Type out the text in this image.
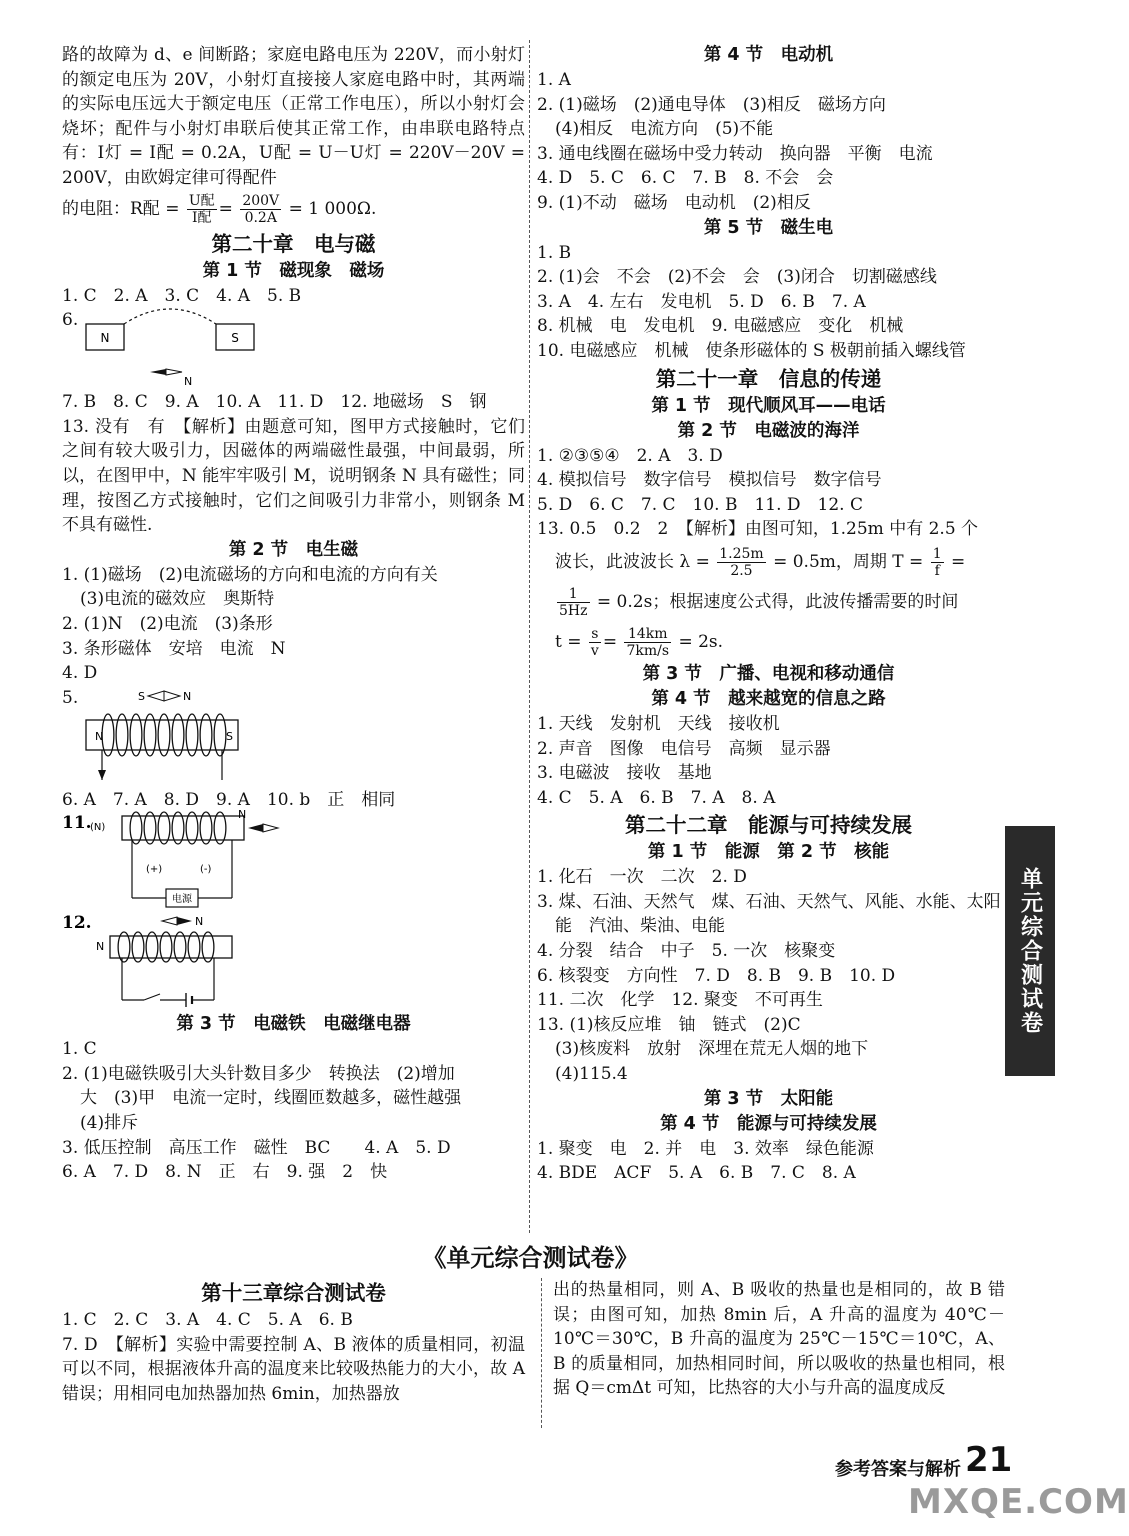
路的故障为 d、e 间断路；家庭电路电压为 220V，而小射灯的额定电压为 20V，小射灯直接接人家庭电路中时，其两端的实际电压远大于额定电压（正常工作电压），所以小射灯会烧坏；配件与小射灯串联后使其正常工作，由串联电路特点有：I灯 = I配 = 0.2A，U配 = U－U灯 = 220V－20V = 200V，由欧姆定律可得配件
的电阻：R配 = $\frac{\text{U配}}{\text{I配}} = \frac{200V}{0.2A} = 1$ 000Ω.
第二十章　电与磁
第 1 节　磁现象　磁场
1. C　2. A　3. C　4. A　5. B
6.
N	S
N
7. B　8. C　9. A　10. A　11. D　12. 地磁场　S　钢
13. 没有　有　【解析】由题意可知，图甲方式接触时，它们之间有较大吸引力，因磁体的两端磁性最强，中间最弱，所以，在图甲中，N 能牢牢吸引 M，说明钢条 N 具有磁性；同理，按图乙方式接触时，它们之间吸引力非常小，则钢条 M 不具有磁性.
第 2 节　电生磁
1. (1)磁场　(2)电流磁场的方向和电流的方向有关
(3)电流的磁效应　奥斯特
2. (1)N　(2)电流　(3)条形
3. 条形磁体　安培　电流　N
4. D
5.	S	N
N	S
6. A　7. A　8. D　9. A　10. b　正　相同
11.
(N)
N
(+)	(-)
电源
12.	N
N
第 3 节　电磁铁　电磁继电器
1. C
2. (1)电磁铁吸引大头针数目多少　转换法　(2)增加
大　(3)甲　电流一定时，线圈匝数越多，磁性越强
(4)排斥
3. 低压控制　高压工作　磁性　BC　　4. A　5. D
6. A　7. D　8. N　正　右　9. 强　2　快
第 4 节　电动机
1. A
2. (1)磁场　(2)通电导体　(3)相反　磁场方向
(4)相反　电流方向　(5)不能
3. 通电线圈在磁场中受力转动　换向器　平衡　电流
4. D　5. C　6. C　7. B　8. 不会　会
9. (1)不动　磁场　电动机　(2)相反
第 5 节　磁生电
1. B
2. (1)会　不会　(2)不会　会　(3)闭合　切割磁感线
3. A　4. 左右　发电机　5. D　6. B　7. A
8. 机械　电　发电机　9. 电磁感应　变化　机械
10. 电磁感应　机械　使条形磁体的 S 极朝前插入螺线管
第二十一章　信息的传递
第 1 节　现代顺风耳——电话
第 2 节　电磁波的海洋
1. ②③⑤④　2. A　3. D
4. 模拟信号　数字信号　模拟信号　数字信号
5. D　6. C　7. C　10. B　11. D　12. C
13. 0.5　0.2　2　【解析】由图可知，1.25m 中有 2.5 个
波长，此波波长 $\lambda = \frac{1.25m}{2.5} = 0.5m$，周期 $T = \frac{1}{f}$ =
$\frac{1}{5Hz} = 0.2s$；根据速度公式得，此波传播需要的时间
$t = \frac{s}{v} = \frac{14km}{7km/s} = 2s$.
第 3 节　广播、电视和移动通信
第 4 节　越来越宽的信息之路
1. 天线　发射机　天线　接收机
2. 声音　图像　电信号　高频　显示器
3. 电磁波　接收　基地
4. C　5. A　6. B　7. A　8. A
第二十二章　能源与可持续发展
第 1 节　能源　第 2 节　核能
1. 化石　一次　二次　2. D
3. 煤、石油、天然气　煤、石油、天然气、风能、水能、太阳
能　汽油、柴油、电能
4. 分裂　结合　中子　5. 一次　核聚变
6. 核裂变　方向性　7. D　8. B　9. B　10. D
11. 二次　化学　12. 聚变　不可再生
13. (1)核反应堆　铀　链式　(2)C
(3)核废料　放射　深埋在荒无人烟的地下
(4)115.4
第 3 节　太阳能
第 4 节　能源与可持续发展
1. 聚变　电　2. 并　电　3. 效率　绿色能源
4. BDE　ACF　5. A　6. B　7. C　8. A
单元综合测试卷
《单元综合测试卷》
第十三章综合测试卷
1. C　2. C　3. A　4. C　5. A　6. B
7. D　【解析】实验中需要控制 A、B 液体的质量相同，初温可以不同，根据液体升高的温度来比较吸热能力的大小，故 A 错误；用相同电加热器加热 6min，加热器放
出的热量相同，则 A、B 吸收的热量也是相同的，故 B 错误；由图可知，加热 8min 后，A 升高的温度为 40℃－10℃＝30℃，B 升高的温度为 25℃－15℃＝10℃，A、B 的质量相同，加热相同时间，所以吸收的热量也相同，根据 Q＝cmΔt 可知，比热容的大小与升高的温度成反
参考答案与解析 21
MXQE.COM
